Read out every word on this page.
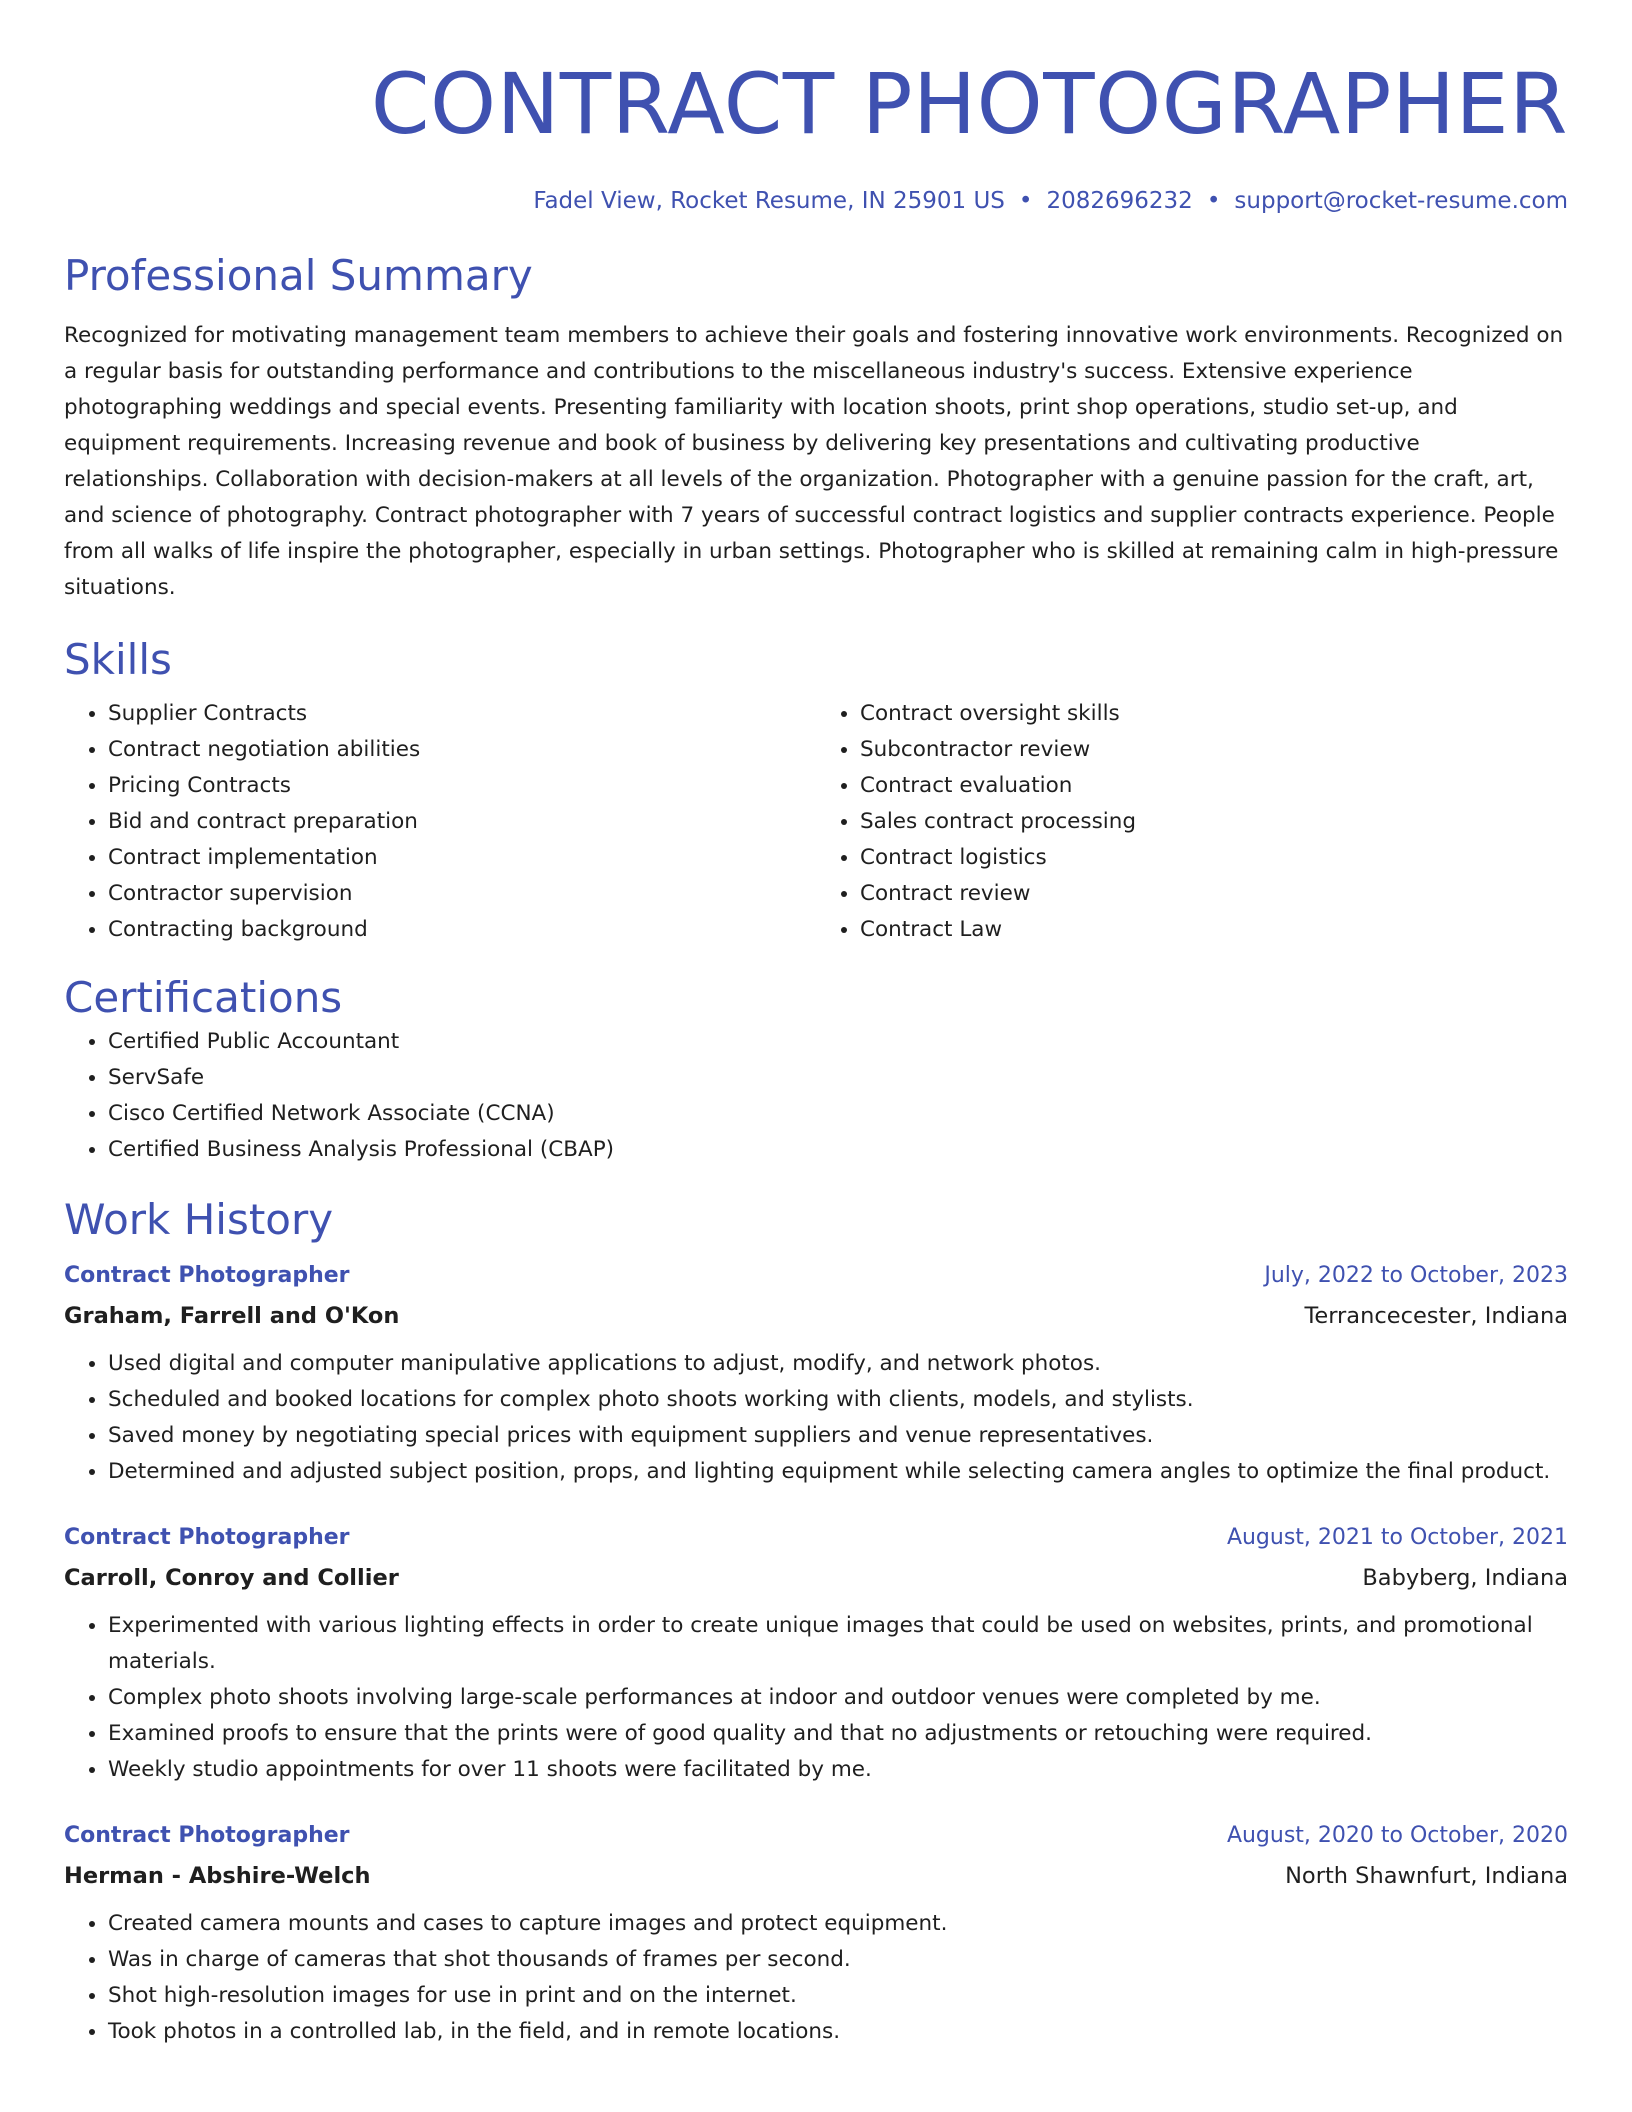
CONTRACT PHOTOGRAPHER
Fadel View, Rocket Resume, IN 25901 US • 2082696232 • support@rocket-resume.com
Professional Summary
Recognized for motivating management team members to achieve their goals and fostering innovative work environments. Recognized on a regular basis for outstanding performance and contributions to the miscellaneous industry's success. Extensive experience photographing weddings and special events. Presenting familiarity with location shoots, print shop operations, studio set-up, and equipment requirements. Increasing revenue and book of business by delivering key presentations and cultivating productive relationships. Collaboration with decision-makers at all levels of the organization. Photographer with a genuine passion for the craft, art, and science of photography. Contract photographer with 7 years of successful contract logistics and supplier contracts experience. People from all walks of life inspire the photographer, especially in urban settings. Photographer who is skilled at remaining calm in high-pressure situations.
Skills
• Supplier Contracts
• Contract negotiation abilities
• Pricing Contracts
• Bid and contract preparation
• Contract implementation
• Contractor supervision
• Contracting background
• Contract oversight skills
• Subcontractor review
• Contract evaluation
• Sales contract processing
• Contract logistics
• Contract review
• Contract Law
Certifications
• Certified Public Accountant
• ServSafe
• Cisco Certified Network Associate (CCNA)
• Certified Business Analysis Professional (CBAP)
Work History
Contract Photographer	July, 2022 to October, 2023
Graham, Farrell and O'Kon	Terrancecester, Indiana
• Used digital and computer manipulative applications to adjust, modify, and network photos.
• Scheduled and booked locations for complex photo shoots working with clients, models, and stylists.
• Saved money by negotiating special prices with equipment suppliers and venue representatives.
• Determined and adjusted subject position, props, and lighting equipment while selecting camera angles to optimize the final product.
Contract Photographer	August, 2021 to October, 2021
Carroll, Conroy and Collier	Babyberg, Indiana
• Experimented with various lighting effects in order to create unique images that could be used on websites, prints, and promotional materials.
• Complex photo shoots involving large-scale performances at indoor and outdoor venues were completed by me.
• Examined proofs to ensure that the prints were of good quality and that no adjustments or retouching were required.
• Weekly studio appointments for over 11 shoots were facilitated by me.
Contract Photographer	August, 2020 to October, 2020
Herman - Abshire-Welch	North Shawnfurt, Indiana
• Created camera mounts and cases to capture images and protect equipment.
• Was in charge of cameras that shot thousands of frames per second.
• Shot high-resolution images for use in print and on the internet.
• Took photos in a controlled lab, in the field, and in remote locations.
